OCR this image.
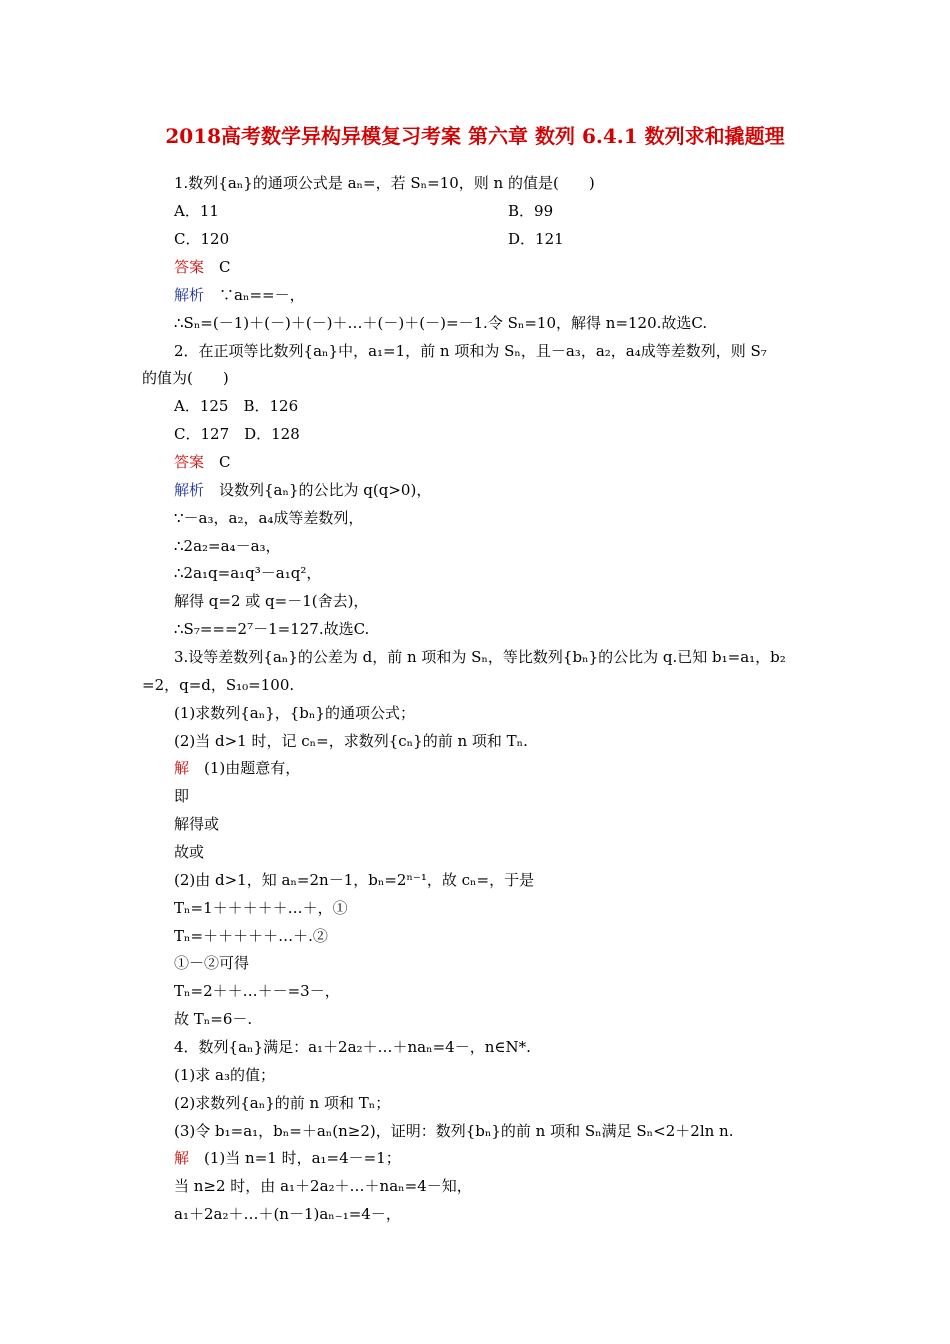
2018高考数学异构异模复习考案 第六章 数列 6.4.1 数列求和撬题理
1.数列{aₙ}的通项公式是 aₙ=，若 Sₙ=10，则 n 的值是(　　)
A．11	B．99
C．120	D．121
答案　C
解析　∵aₙ==－，
∴Sₙ=(－1)＋(－)＋(－)＋…＋(－)＋(－)=－1.令 Sₙ=10，解得 n=120.故选C.
2．在正项等比数列{aₙ}中，a₁=1，前 n 项和为 Sₙ，且－a₃，a₂，a₄成等差数列，则 S₇
的值为(　　)
A．125　B．126
C．127　D．128
答案　C
解析　设数列{aₙ}的公比为 q(q>0)，
∵－a₃，a₂，a₄成等差数列，
∴2a₂=a₄－a₃，
∴2a₁q=a₁q³－a₁q²，
解得 q=2 或 q=－1(舍去)，
∴S₇===2⁷－1=127.故选C.
3.设等差数列{aₙ}的公差为 d，前 n 项和为 Sₙ，等比数列{bₙ}的公比为 q.已知 b₁=a₁，b₂
=2，q=d，S₁₀=100.
(1)求数列{aₙ}，{bₙ}的通项公式；
(2)当 d>1 时，记 cₙ=，求数列{cₙ}的前 n 项和 Tₙ.
解　(1)由题意有，
即
解得或
故或
(2)由 d>1，知 aₙ=2n－1，bₙ=2ⁿ⁻¹，故 cₙ=，于是
Tₙ=1＋＋＋＋＋…＋，①
Tₙ=＋＋＋＋＋…＋.②
①－②可得
Tₙ=2＋＋…＋－=3－，
故 Tₙ=6－.
4．数列{aₙ}满足：a₁＋2a₂＋…＋naₙ=4－，n∈N*.
(1)求 a₃的值；
(2)求数列{aₙ}的前 n 项和 Tₙ；
(3)令 b₁=a₁，bₙ=＋aₙ(n≥2)，证明：数列{bₙ}的前 n 项和 Sₙ满足 Sₙ<2＋2ln n.
解　(1)当 n=1 时，a₁=4－=1；
当 n≥2 时，由 a₁＋2a₂＋…＋naₙ=4－知，
a₁＋2a₂＋…＋(n－1)aₙ₋₁=4－，
